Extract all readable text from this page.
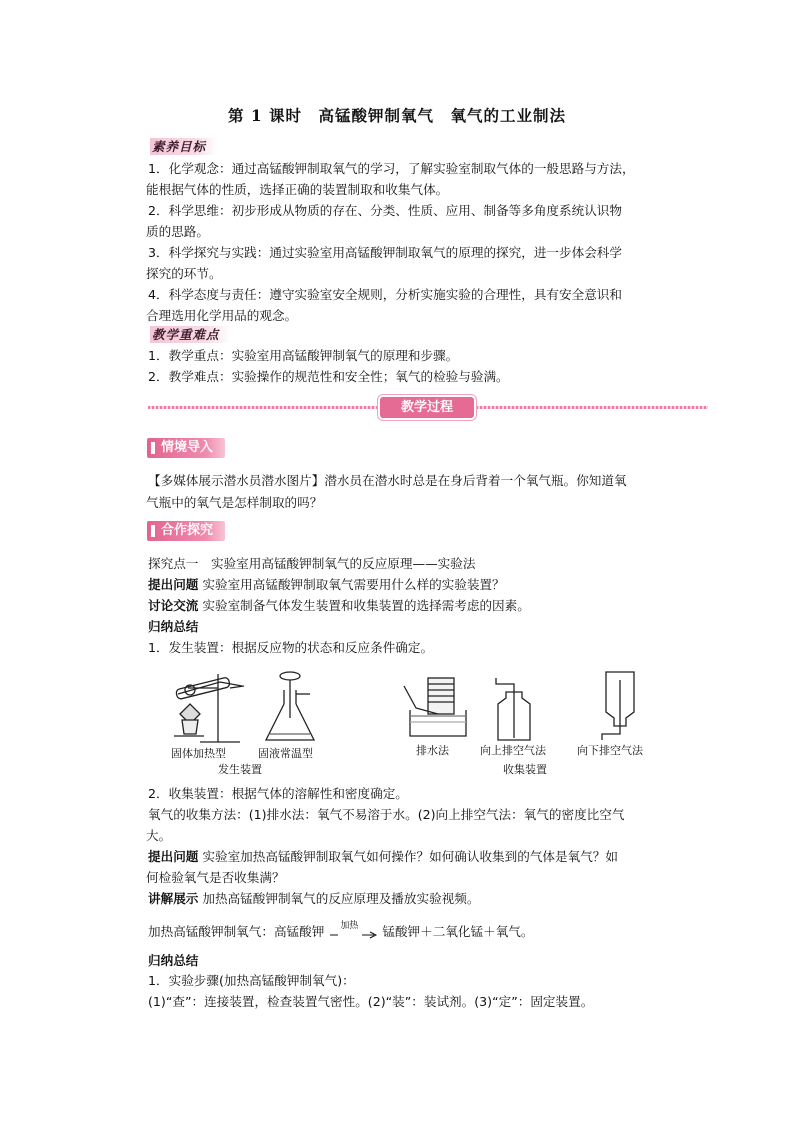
第 1 课时　高锰酸钾制氧气　氧气的工业制法
素养目标
1．化学观念：通过高锰酸钾制取氧气的学习，了解实验室制取气体的一般思路与方法，
能根据气体的性质，选择正确的装置制取和收集气体。
2．科学思维：初步形成从物质的存在、分类、性质、应用、制备等多角度系统认识物
质的思路。
3．科学探究与实践：通过实验室用高锰酸钾制取氧气的原理的探究，进一步体会科学
探究的环节。
4．科学态度与责任：遵守实验室安全规则，分析实施实验的合理性，具有安全意识和
合理选用化学用品的观念。
教学重难点
1．教学重点：实验室用高锰酸钾制氧气的原理和步骤。
2．教学难点：实验操作的规范性和安全性；氧气的检验与验满。
教学过程
情境导入
【多媒体展示潜水员潜水图片】潜水员在潜水时总是在身后背着一个氧气瓶。你知道氧
气瓶中的氧气是怎样制取的吗？
合作探究
探究点一　实验室用高锰酸钾制氧气的反应原理——实验法
提出问题 实验室用高锰酸钾制取氧气需要用什么样的实验装置？
讨论交流 实验室制备气体发生装置和收集装置的选择需考虑的因素。
归纳总结
1．发生装置：根据反应物的状态和反应条件确定。
固体加热型	固液常温型
发生装置
排水法	向上排空气法	向下排空气法
收集装置
2．收集装置：根据气体的溶解性和密度确定。
氧气的收集方法：(1)排水法：氧气不易溶于水。(2)向上排空气法：氧气的密度比空气
大。
提出问题 实验室加热高锰酸钾制取氧气如何操作？如何确认收集到的气体是氧气？如
何检验氧气是否收集满？
讲解展示 加热高锰酸钾制氧气的反应原理及播放实验视频。
加热高锰酸钾制氧气：高锰酸钾 加热 锰酸钾＋二氧化锰＋氧气。
归纳总结
1．实验步骤(加热高锰酸钾制氧气)：
(1)“查”：连接装置，检查装置气密性。(2)“装”：装试剂。(3)“定”：固定装置。
